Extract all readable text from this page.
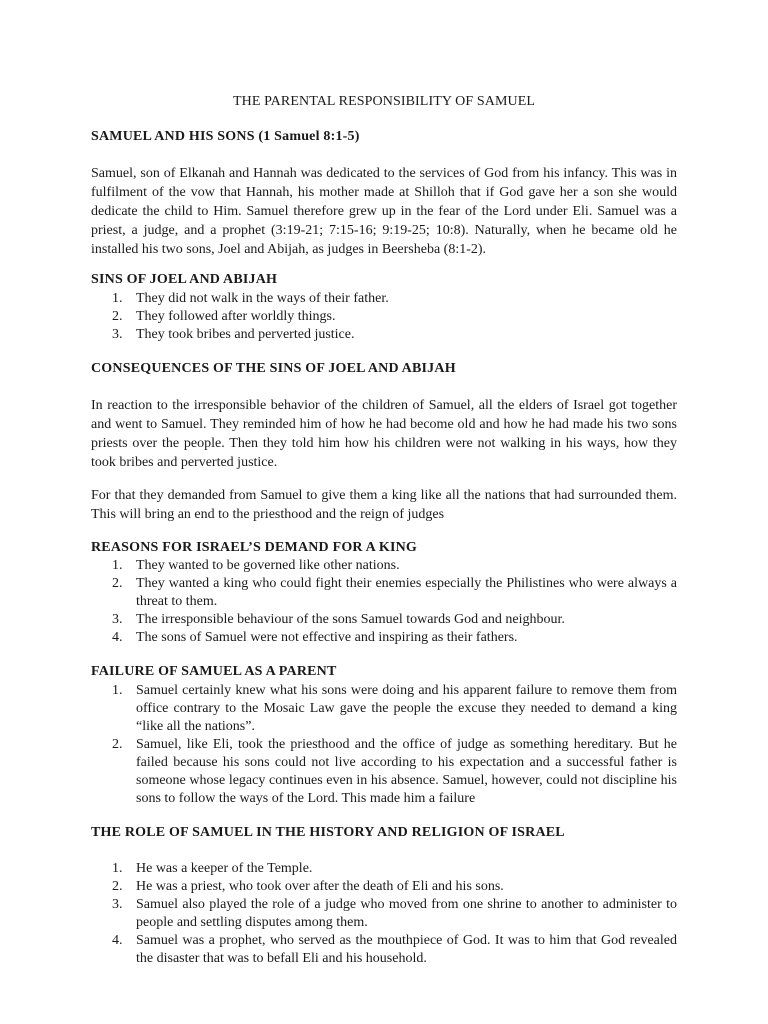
THE PARENTAL RESPONSIBILITY OF SAMUEL
SAMUEL AND HIS SONS (1 Samuel 8:1-5)

Samuel, son of Elkanah and Hannah was dedicated to the services of God from his infancy. This was in fulfilment of the vow that Hannah, his mother made at Shilloh that if God gave her a son she would dedicate the child to Him. Samuel therefore grew up in the fear of the Lord under Eli. Samuel was a priest, a judge, and a prophet (3:19-21; 7:15-16; 9:19-25; 10:8). Naturally, when he became old he installed his two sons, Joel and Abijah, as judges in Beersheba (8:1-2).

SINS OF JOEL AND ABIJAH
1. They did not walk in the ways of their father.
2. They followed after worldly things.
3. They took bribes and perverted justice.
CONSEQUENCES OF THE SINS OF JOEL AND ABIJAH

In reaction to the irresponsible behavior of the children of Samuel, all the elders of Israel got together and went to Samuel. They reminded him of how he had become old and how he had made his two sons priests over the people. Then they told him how his children were not walking in his ways, how they took bribes and perverted justice.

For that they demanded from Samuel to give them a king like all the nations that had surrounded them. This will bring an end to the priesthood and the reign of judges

REASONS FOR ISRAEL’S DEMAND FOR A KING
1. They wanted to be governed like other nations.
2. They wanted a king who could fight their enemies especially the Philistines who were always a threat to them.
3. The irresponsible behaviour of the sons Samuel towards God and neighbour.
4. The sons of Samuel were not effective and inspiring as their fathers.
FAILURE OF SAMUEL AS A PARENT
1. Samuel certainly knew what his sons were doing and his apparent failure to remove them from office contrary to the Mosaic Law gave the people the excuse they needed to demand a king “like all the nations”.
2. Samuel, like Eli, took the priesthood and the office of judge as something hereditary. But he failed because his sons could not live according to his expectation and a successful father is someone whose legacy continues even in his absence. Samuel, however, could not discipline his sons to follow the ways of the Lord. This made him a failure
THE ROLE OF SAMUEL IN THE HISTORY AND RELIGION OF ISRAEL
1. He was a keeper of the Temple.
2. He was a priest, who took over after the death of Eli and his sons.
3. Samuel also played the role of a judge who moved from one shrine to another to administer to people and settling disputes among them.
4. Samuel was a prophet, who served as the mouthpiece of God. It was to him that God revealed the disaster that was to befall Eli and his household.
